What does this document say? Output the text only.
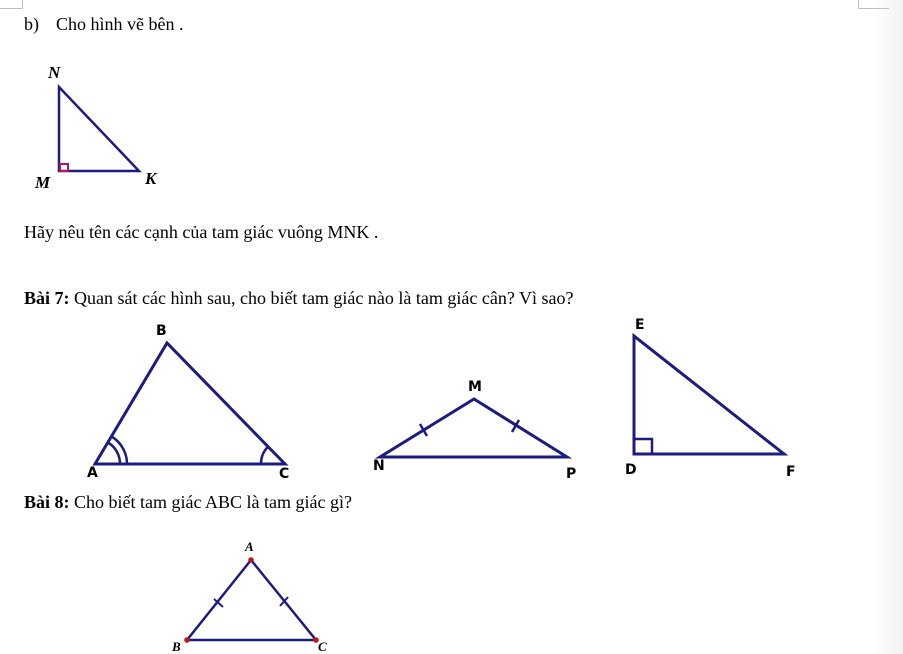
b) Cho hình vẽ bên .
Hãy nêu tên các cạnh của tam giác vuông MNK .
Bài 7: Quan sát các hình sau, cho biết tam giác nào là tam giác cân? Vì sao?
Bài 8: Cho biết tam giác ABC là tam giác gì?
N
M	K
B
A	C
M
N	P
E
D	F
A
B	C
